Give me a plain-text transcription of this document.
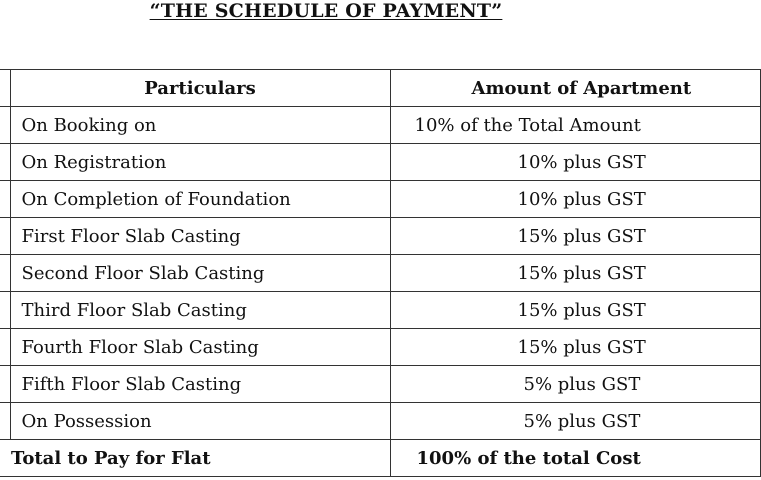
“THE SCHEDULE OF PAYMENT”
	Particulars	Amount of Apartment
	On Booking on	10% of the Total Amount
	On Registration	10% plus GST
	On Completion of Foundation	10% plus GST
	First Floor Slab Casting	15% plus GST
	Second Floor Slab Casting	15% plus GST
	Third Floor Slab Casting	15% plus GST
	Fourth Floor Slab Casting	15% plus GST
	Fifth Floor Slab Casting	5% plus GST
	On Possession	5% plus GST
Total to Pay for Flat		100% of the total Cost
